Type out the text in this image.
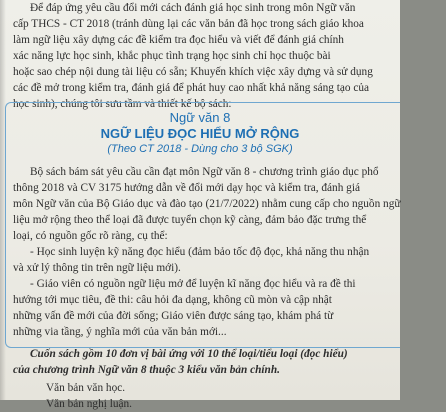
Để đáp ứng yêu cầu đổi mới cách đánh giá học sinh trong môn Ngữ văn

cấp THCS - CT 2018 (tránh dùng lại các văn bản đã học trong sách giáo khoa

làm ngữ liệu xây dựng các đề kiểm tra đọc hiểu và viết để đánh giá chính

xác năng lực học sinh, khắc phục tình trạng học sinh chỉ học thuộc bài

hoặc sao chép nội dung tài liệu có sẵn; Khuyến khích việc xây dựng và sử dụng

các đề mở trong kiểm tra, đánh giá để phát huy cao nhất khả năng sáng tạo của

học sinh), chúng tôi sưu tầm và thiết kế bộ sách:

Ngữ văn 8

NGỮ LIỆU ĐỌC HIỂU MỞ RỘNG

(Theo CT 2018 - Dùng cho 3 bộ SGK)

Bộ sách bám sát yêu cầu cần đạt môn Ngữ văn 8 - chương trình giáo dục phổ

thông 2018 và CV 3175 hướng dẫn về đổi mới dạy học và kiểm tra, đánh giá

môn Ngữ văn của Bộ Giáo dục và đào tạo (21/7/2022) nhằm cung cấp cho nguồn ngữ

liệu mở rộng theo thể loại đã được tuyển chọn kỹ càng, đảm bảo đặc trưng thể

loại, có nguồn gốc rõ ràng, cụ thể:

- Học sinh luyện kỹ năng đọc hiểu (đảm bảo tốc độ đọc, khả năng thu nhận

và xử lý thông tin trên ngữ liệu mới).

- Giáo viên có nguồn ngữ liệu mở để luyện kĩ năng đọc hiểu và ra đề thi

hướng tới mục tiêu, đề thi: câu hỏi đa dạng, không cũ mòn và cập nhật

những vấn đề mới của đời sống; Giáo viên được sáng tạo, khám phá từ

những via tầng, ý nghĩa mới của văn bản mới...

Cuốn sách gồm 10 đơn vị bài ứng với 10 thể loại/tiểu loại (đọc hiểu)

của chương trình Ngữ văn 8 thuộc 3 kiểu văn bản chính.

Văn bản văn học.

Văn bản nghị luận.
